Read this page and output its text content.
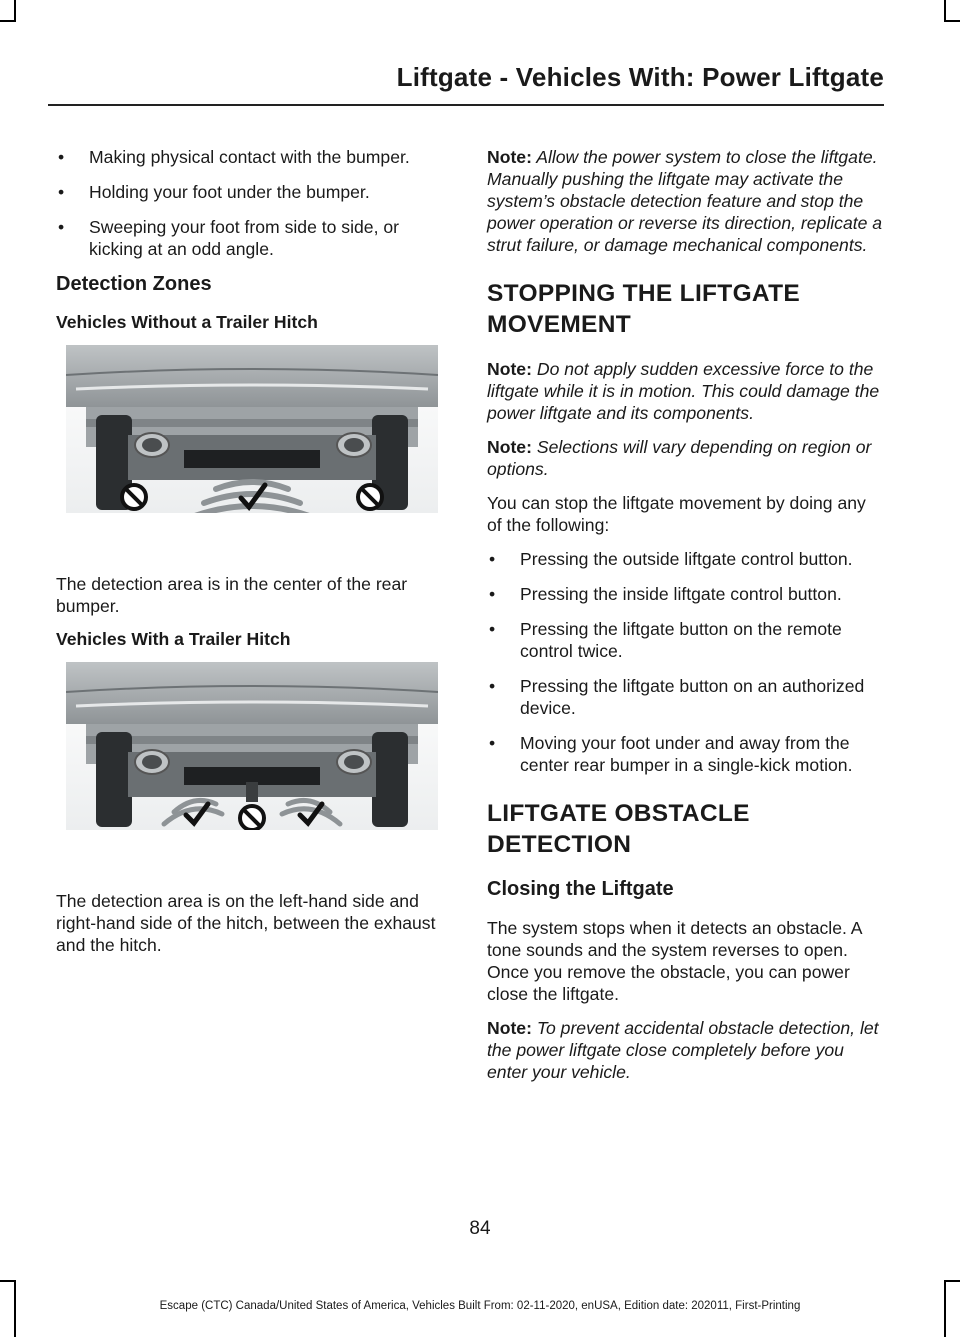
Liftgate - Vehicles With: Power Liftgate
• Making physical contact with the bumper.
• Holding your foot under the bumper.
• Sweeping your foot from side to side, or kicking at an odd angle.
Detection Zones
Vehicles Without a Trailer Hitch

The detection area is in the center of the rear bumper.

Vehicles With a Trailer Hitch

The detection area is on the left-hand side and right-hand side of the hitch, between the exhaust and the hitch.

Note: Allow the power system to close the liftgate. Manually pushing the liftgate may activate the system’s obstacle detection feature and stop the power operation or reverse its direction, replicate a strut failure, or damage mechanical components.

STOPPING THE LIFTGATE MOVEMENT

Note: Do not apply sudden excessive force to the liftgate while it is in motion. This could damage the power liftgate and its components.

Note: Selections will vary depending on region or options.

You can stop the liftgate movement by doing any of the following:

• Pressing the outside liftgate control button.
• Pressing the inside liftgate control button.
• Pressing the liftgate button on the remote control twice.
• Pressing the liftgate button on an authorized device.
• Moving your foot under and away from the center rear bumper in a single-kick motion.
LIFTGATE OBSTACLE DETECTION
Closing the Liftgate

The system stops when it detects an obstacle. A tone sounds and the system reverses to open. Once you remove the obstacle, you can power close the liftgate.

Note: To prevent accidental obstacle detection, let the power liftgate close completely before you enter your vehicle.

84
Escape (CTC) Canada/United States of America, Vehicles Built From: 02-11-2020, enUSA, Edition date: 202011, First-Printing
